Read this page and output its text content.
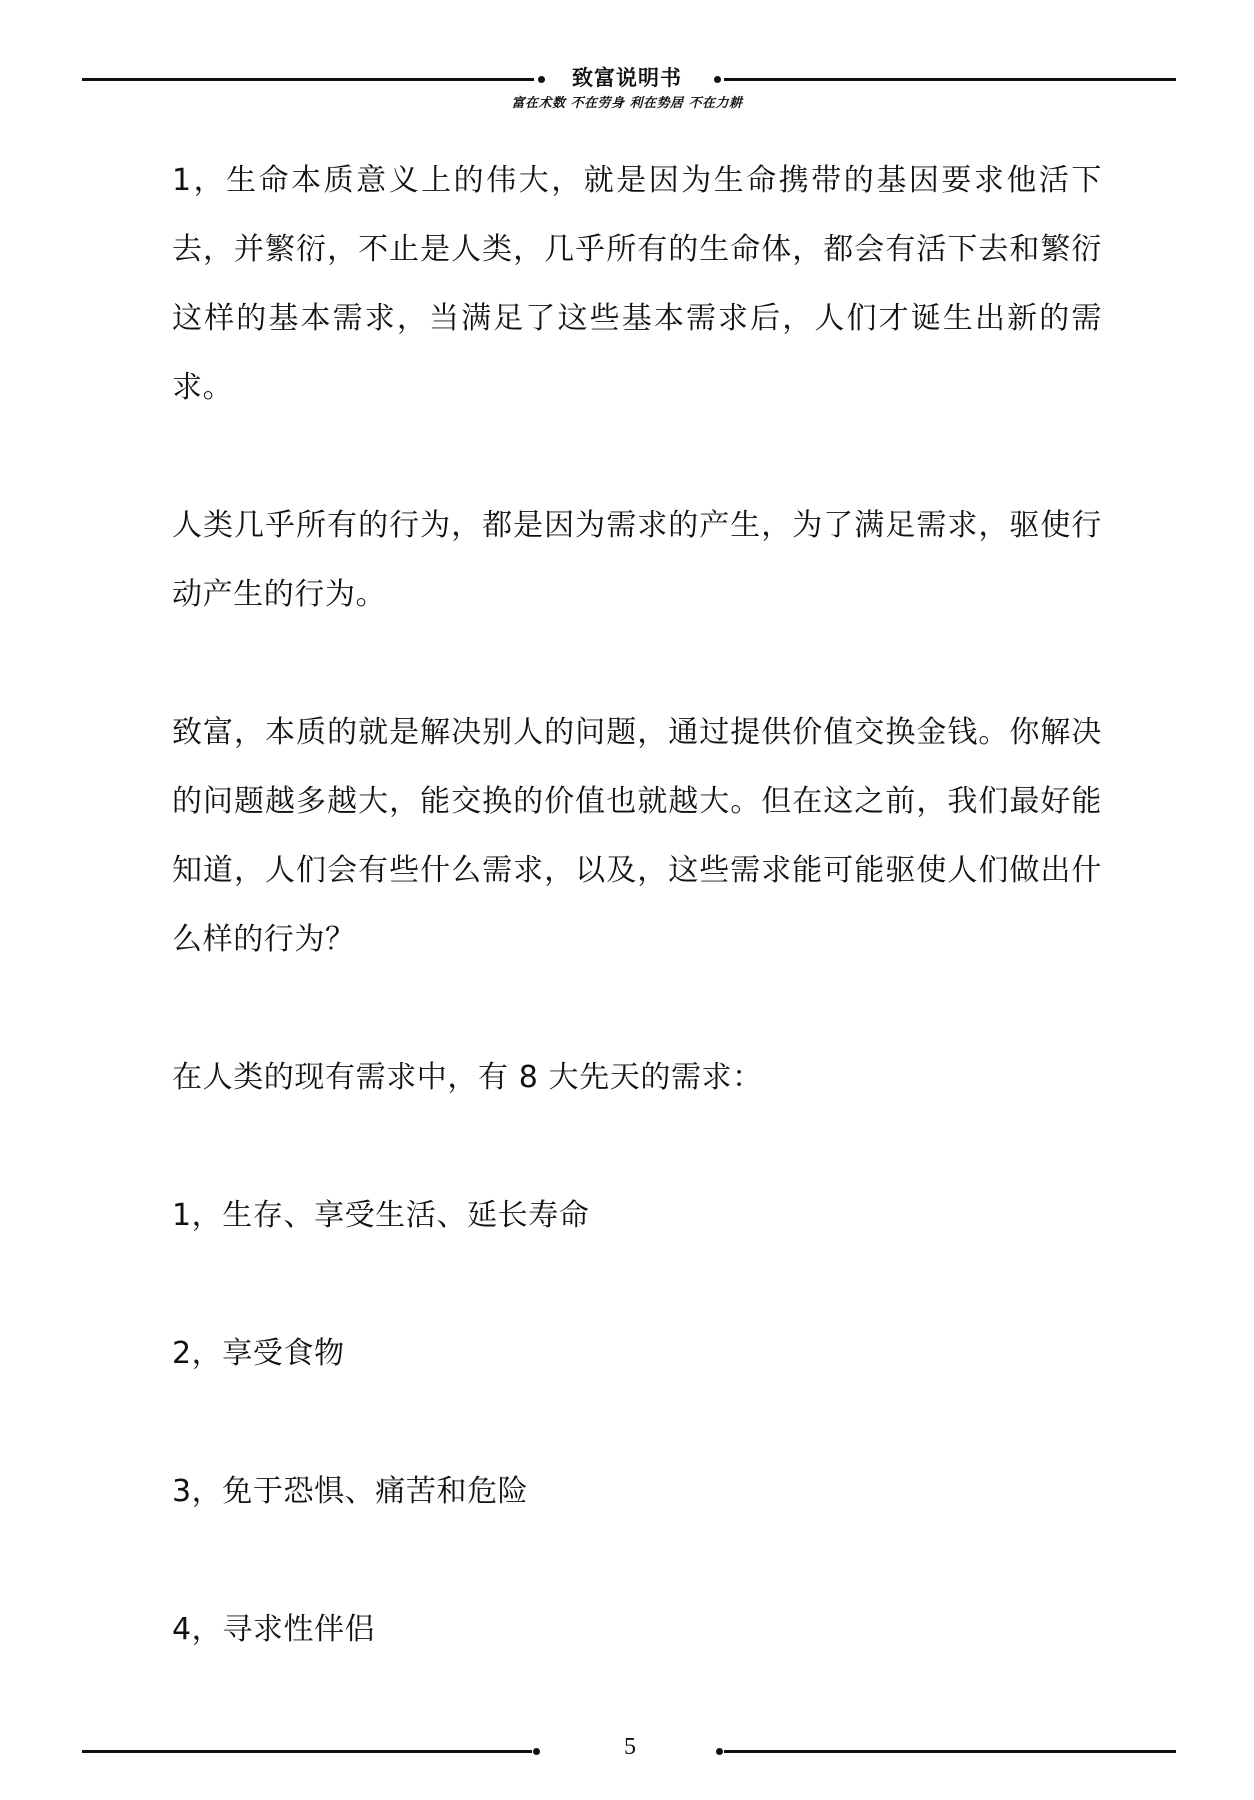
致富说明书
富在术数 不在劳身 利在势居 不在力耕

1，生命本质意义上的伟大，就是因为生命携带的基因要求他活下去，并繁衍，不止是人类，几乎所有的生命体，都会有活下去和繁衍这样的基本需求，当满足了这些基本需求后，人们才诞生出新的需求。

人类几乎所有的行为，都是因为需求的产生，为了满足需求，驱使行动产生的行为。

致富，本质的就是解决别人的问题，通过提供价值交换金钱。你解决的问题越多越大，能交换的价值也就越大。但在这之前，我们最好能知道，人们会有些什么需求，以及，这些需求能可能驱使人们做出什么样的行为？

在人类的现有需求中，有 8 大先天的需求：

1，生存、享受生活、延长寿命

2，享受食物

3，免于恐惧、痛苦和危险

4，寻求性伴侣

5
